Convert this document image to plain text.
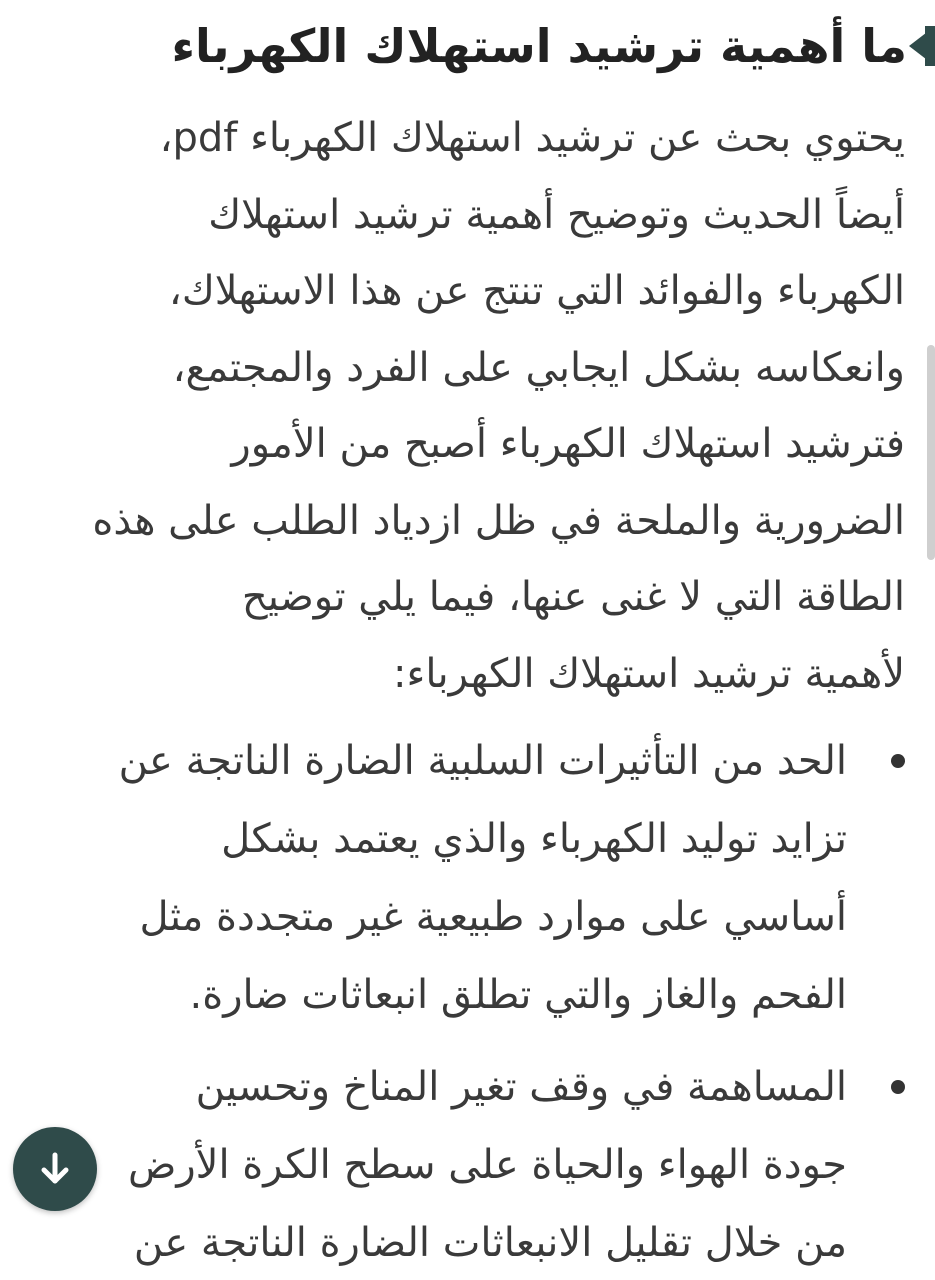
ما أهمية ترشيد استهلاك الكهرباء

يحتوي بحث عن ترشيد استهلاك الكهرباء pdf،
أيضاً الحديث وتوضيح أهمية ترشيد استهلاك
الكهرباء والفوائد التي تنتج عن هذا الاستهلاك،
وانعكاسه بشكل ايجابي على الفرد والمجتمع،
فترشيد استهلاك الكهرباء أصبح من الأمور
الضرورية والملحة في ظل ازدياد الطلب على هذه
الطاقة التي لا غنى عنها، فيما يلي توضيح
لأهمية ترشيد استهلاك الكهرباء:

الحد من التأثيرات السلبية الضارة الناتجة عن
تزايد توليد الكهرباء والذي يعتمد بشكل
أساسي على موارد طبيعية غير متجددة مثل
الفحم والغاز والتي تطلق انبعاثات ضارة.
المساهمة في وقف تغير المناخ وتحسين
جودة الهواء والحياة على سطح الكرة الأرض
من خلال تقليل الانبعاثات الضارة الناتجة عن
